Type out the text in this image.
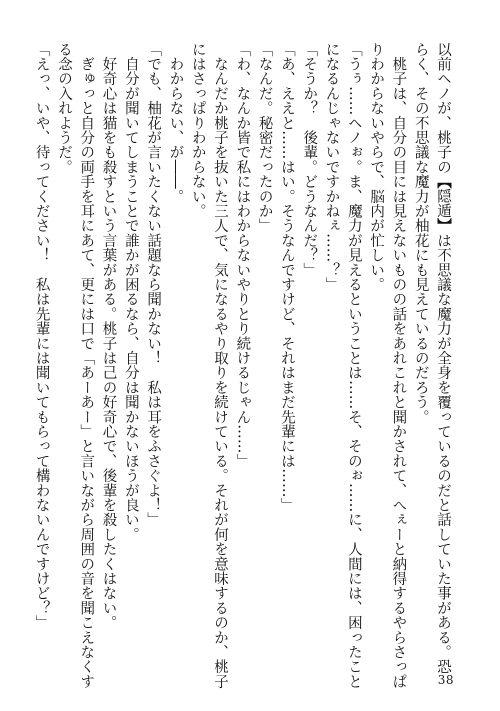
以前ヘノが、桃子の【隠遁】は不思議な魔力が全身を覆っているのだと話していた事がある。恐
らく、その不思議な魔力が柚花にも見えているのだろう。
　桃子は、自分の目には見えないものの話をあれこれと聞かされて、へぇーと納得するやらさっぱ
りわからないやらで、脳内が忙しい。
「うぅ……ヘノぉ。ま、魔力が見えるということは……そ、そのぉ……に、人間には、困ったこと
になるんじゃないですかねぇ……？」
「そうか？　後輩。どうなんだ？」
「あ、ええと……はい。そうなんですけど、それはまだ先輩には……」
「なんだ。秘密だったのか」
「わ、なんか皆で私にはわからないやりとり続けるじゃん……」
　なんだか桃子を抜いた三人で、気になるやり取りを続けている。それが何を意味するのか、桃子
にはさっぱりわからない。
　わからない、が――。
「でも、柚花が言いたくない話題なら聞かない！　私は耳をふさぐよ！」
　自分が聞いてしまうことで誰かが困るなら、自分は聞かないほうが良い。
　好奇心は猫をも殺すという言葉がある。桃子は己の好奇心で、後輩を殺したくはない。
　ぎゅっと自分の両手を耳にあて、更には口で「あーあー」と言いながら周囲の音を聞こえなくす
る念の入れようだ。
「えっ、いや、待ってください！　私は先輩には聞いてもらって構わないんですけど？」
38
